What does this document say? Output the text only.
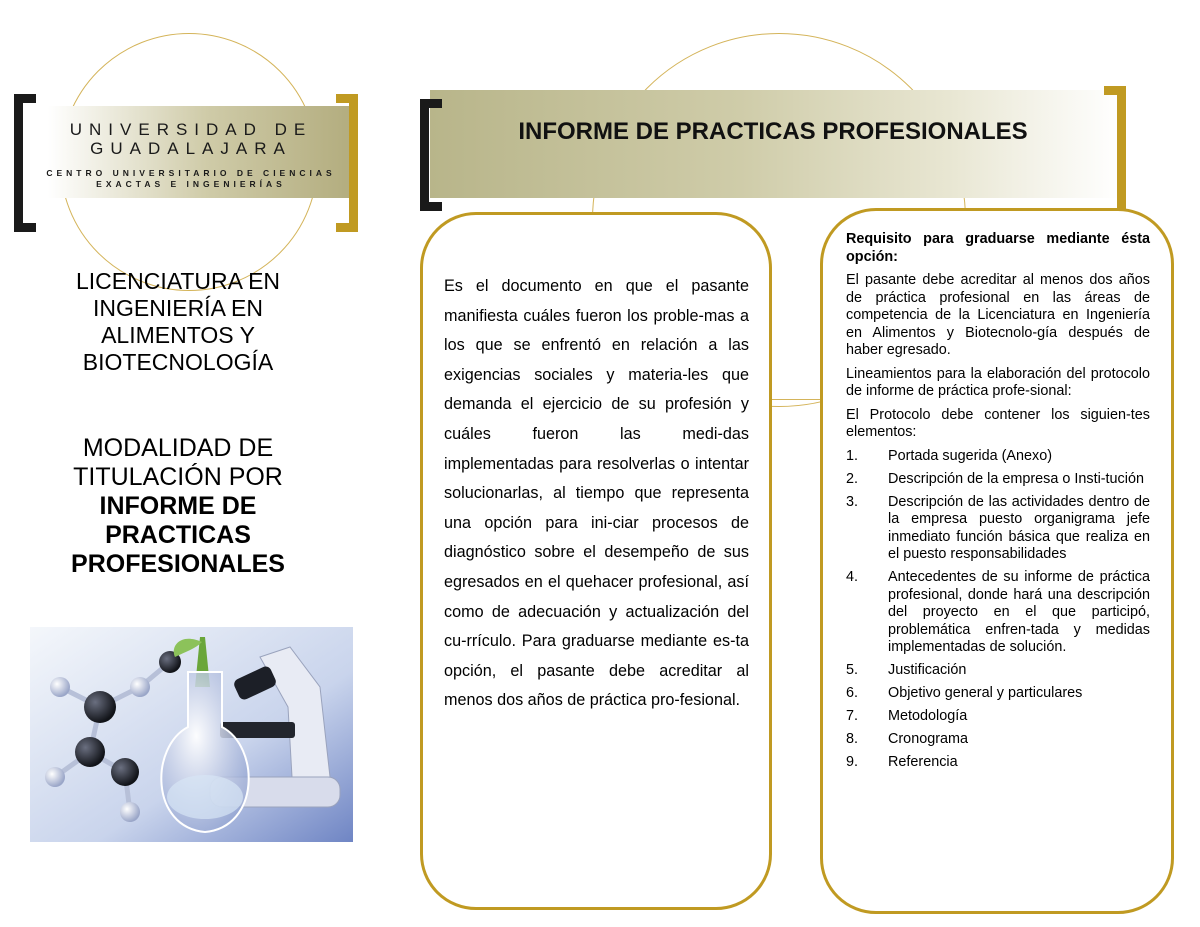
UNIVERSIDAD DE GUADALAJARA
CENTRO UNIVERSITARIO DE CIENCIAS EXACTAS E INGENIERÍAS
LICENCIATURA EN INGENIERÍA EN ALIMENTOS Y BIOTECNOLOGÍA
MODALIDAD DE TITULACIÓN POR
INFORME DE PRACTICAS PROFESIONALES
INFORME DE PRACTICAS PROFESIONALES
Es el documento en que el pasante manifiesta cuáles fueron los proble-mas a los que se enfrentó en relación a las exigencias sociales y materia-les que demanda el ejercicio de su profesión y cuáles fueron las medi-das implementadas para resolverlas o intentar solucionarlas, al tiempo que representa una opción para ini-ciar procesos de diagnóstico sobre el desempeño de sus egresados en el quehacer profesional, así como de adecuación y actualización del cu-rrículo. Para graduarse mediante es-ta opción, el pasante debe acreditar al menos dos años de práctica pro-fesional.

Requisito para graduarse mediante ésta opción:

El pasante debe acreditar al menos dos años de práctica profesional en las áreas de competencia de la Licenciatura en Ingeniería en Alimentos y Biotecnolo-gía después de haber egresado.

Lineamientos para la elaboración del protocolo de informe de práctica profe-sional:

El Protocolo debe contener los siguien-tes elementos:

1.	Portada sugerida (Anexo)
2.	Descripción de la empresa o Insti-tución
3.	Descripción de las actividades dentro de la empresa puesto organigrama jefe inmediato función básica que realiza en el puesto responsabilidades
4.	Antecedentes de su informe de práctica profesional, donde hará una descripción del proyecto en el que participó, problemática enfren-tada y medidas implementadas de solución.
5.	Justificación
6.	Objetivo general y particulares
7.	Metodología
8.	Cronograma
9.	Referencia
